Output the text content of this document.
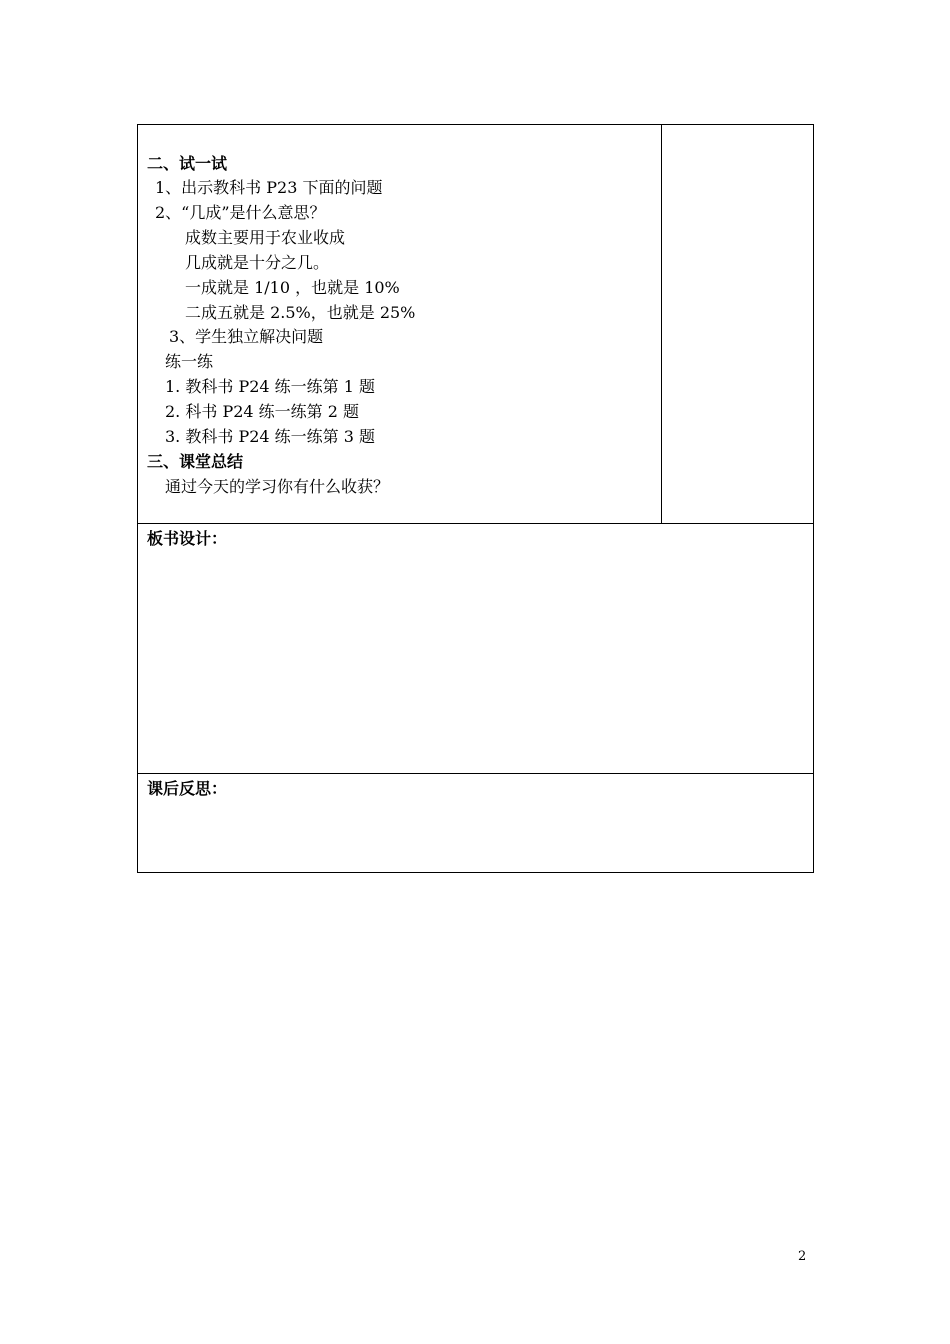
二、试一试
1、出示教科书 P23 下面的问题
2、“几成”是什么意思？
成数主要用于农业收成
几成就是十分之几。
一成就是 1/10 ，也就是 10%
二成五就是 2.5%，也就是 25%
3、学生独立解决问题
练一练
1. 教科书 P24 练一练第 1 题
2. 科书 P24 练一练第 2 题
3. 教科书 P24 练一练第 3 题
三、课堂总结
通过今天的学习你有什么收获？
板书设计：
课后反思：
2
